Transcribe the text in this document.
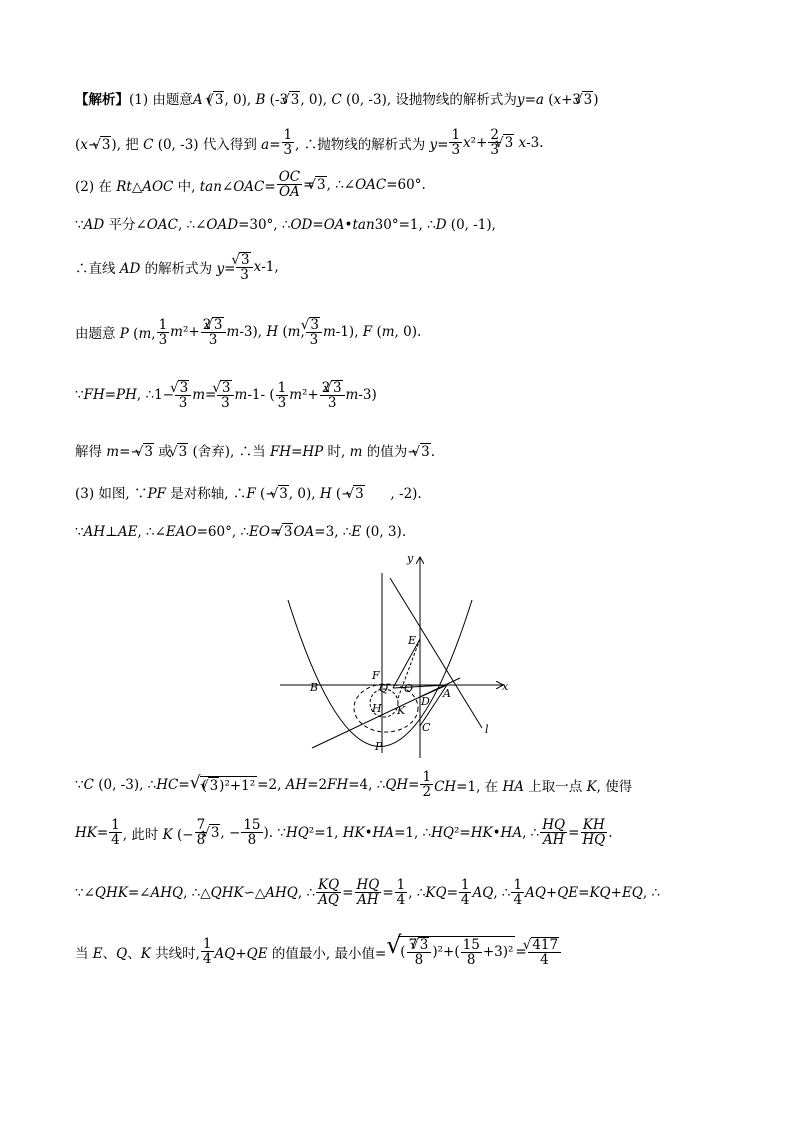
【解析】 (1) 由题意A ( √ 3, 0), B (-3 √ 3, 0), C (0, -3), 设抛物线的解析式为y=a (x+3 √ 3)
(x− √ 3), 把 C (0, -3) 代入得到 $a= \frac{1}{3}$ , ∴抛物线的解析式为 $y= \frac{1}{3} x^2+ \frac{2}{3}$ √ 3 x-3.
(2) 在 Rt△AOC 中, tan∠OAC= $\frac{OC}{OA}$ = √ 3, ∴∠OAC=60°.
∵AD 平分∠OAC, ∴∠OAD=30°, ∴OD=OA•tan30°=1, ∴D (0, -1),
∴直线 AD 的解析式为 y= √ $\frac{3}{3} x-1$,
由题意 P (m, $\frac{1}{3} m^2+ \frac{2 √ 3}{3} m-3$), H (m, √ $\frac{3}{3} m-1$), F (m, 0).
∵FH=PH, ∴1− √ $\frac{3}{3} m=$ √ $\frac{3}{3} m-1-$ ( $\frac{1}{3} m^2+ \frac{2 √ 3}{3} m-3$)
解得 m=− √ 3 或 √ 3 (舍弃), ∴当 FH=HP 时, m 的值为− √ 3.
(3) 如图, ∵PF 是对称轴, ∴F (− √ 3, 0), H (− √ 3      , -2).
∵AH⊥AE, ∴∠EAO=60°, ∴EO= √ 3OA=3, ∴E (0, 3).
y
x
E
F
Q O	A
B
H K
D
C
P
l
∵C (0, -3), ∴HC= √ ( √ 3)²+1² =2, AH=2FH=4, ∴QH= $\frac{1}{2} CH=1$, 在 HA 上取一点 K, 使得
$HK= \frac{1}{4}$ , 此时 K (− $\frac{7}{8}$ √ 3, − $\frac{15}{8}$ ). ∵HQ²=1, HK•HA=1, ∴HQ²=HK•HA, ∴ $\frac{HQ}{AH} = \frac{KH}{HQ}$ .
∵∠QHK=∠AHQ, ∴△QHK∽△AHQ, ∴ $\frac{KQ}{AQ} = \frac{HQ}{AH} = \frac{1}{4}$ , ∴KQ= $\frac{1}{4}$ AQ, ∴ $\frac{1}{4} AQ+QE=KQ+EQ$, ∴
当 E、Q、K 共线时, $\frac{1}{4} AQ+QE$ 的值最小, 最小值= √
( $\frac{7 √ 3}{8} )^2+( \frac{15}{8} +3)^2$ = √ $\frac{417}{4}$
